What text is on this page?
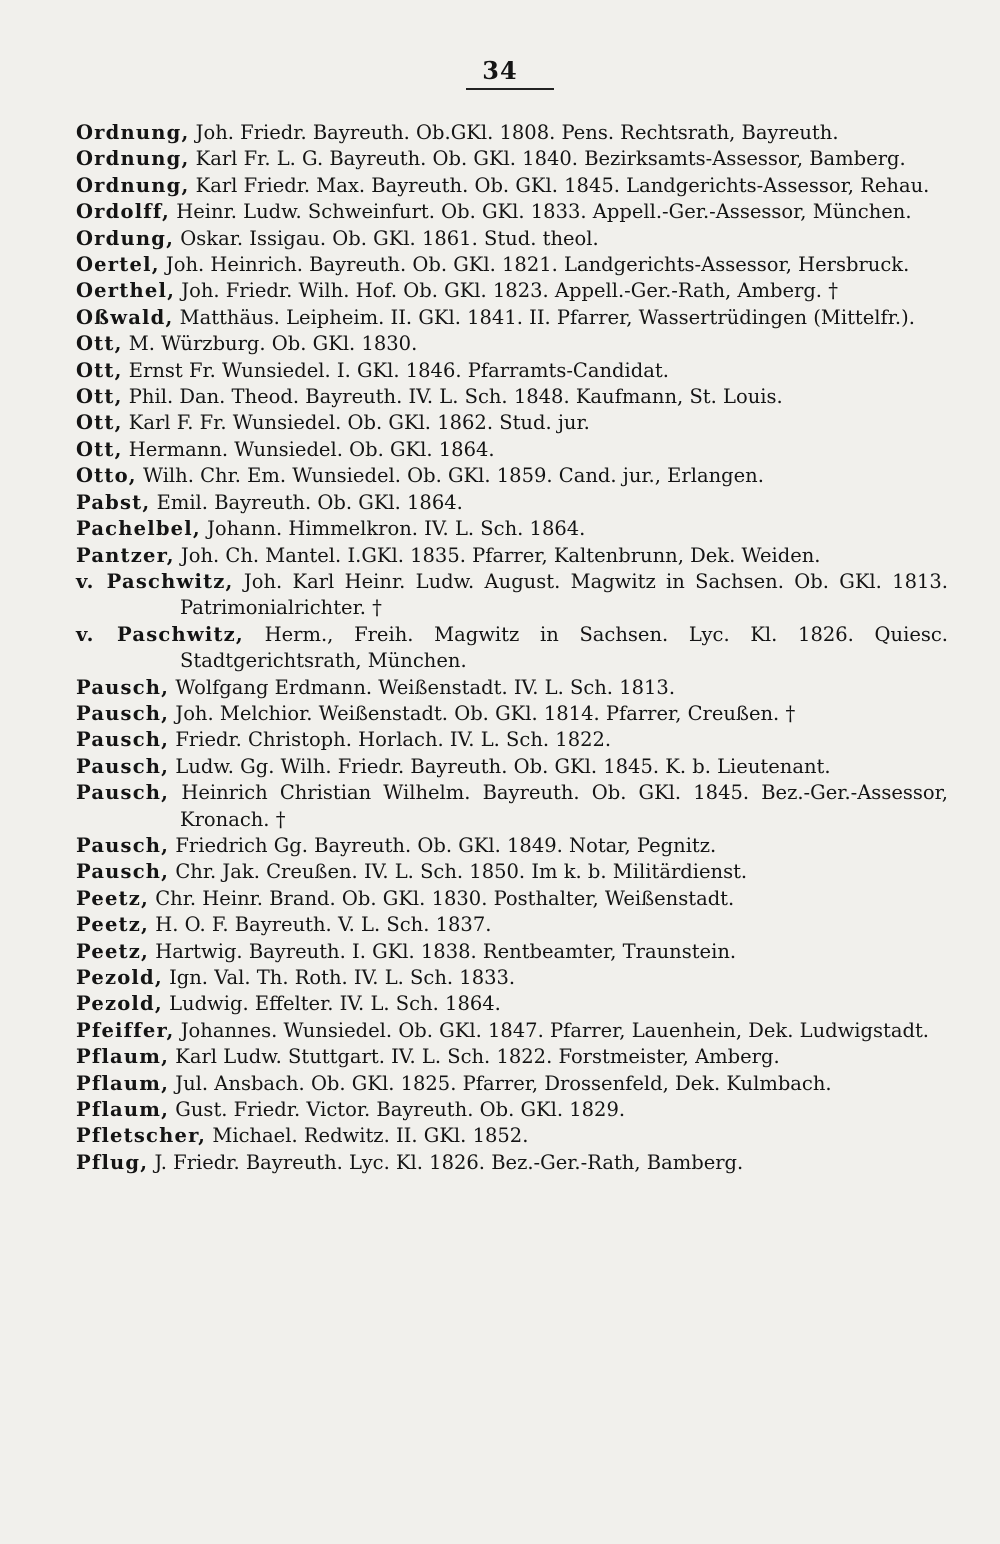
34
Ordnung, Joh. Friedr. Bayreuth. Ob.GKl. 1808. Pens. Rechtsrath, Bayreuth.
Ordnung, Karl Fr. L. G. Bayreuth. Ob. GKl. 1840. Bezirksamts-Assessor, Bamberg.
Ordnung, Karl Friedr. Max. Bayreuth. Ob. GKl. 1845. Landgerichts-Assessor, Rehau.
Ordolff, Heinr. Ludw. Schweinfurt. Ob. GKl. 1833. Appell.-Ger.-Assessor, München.
Ordung, Oskar. Issigau. Ob. GKl. 1861. Stud. theol.
Oertel, Joh. Heinrich. Bayreuth. Ob. GKl. 1821. Landgerichts-Assessor, Hersbruck.
Oerthel, Joh. Friedr. Wilh. Hof. Ob. GKl. 1823. Appell.-Ger.-Rath, Amberg. †
Oßwald, Matthäus. Leipheim. II. GKl. 1841. II. Pfarrer, Wassertrüdingen (Mittelfr.).
Ott, M. Würzburg. Ob. GKl. 1830.
Ott, Ernst Fr. Wunsiedel. I. GKl. 1846. Pfarramts-Candidat.
Ott, Phil. Dan. Theod. Bayreuth. IV. L. Sch. 1848. Kaufmann, St. Louis.
Ott, Karl F. Fr. Wunsiedel. Ob. GKl. 1862. Stud. jur.
Ott, Hermann. Wunsiedel. Ob. GKl. 1864.
Otto, Wilh. Chr. Em. Wunsiedel. Ob. GKl. 1859. Cand. jur., Erlangen.
Pabst, Emil. Bayreuth. Ob. GKl. 1864.
Pachelbel, Johann. Himmelkron. IV. L. Sch. 1864.
Pantzer, Joh. Ch. Mantel. I.GKl. 1835. Pfarrer, Kaltenbrunn, Dek. Weiden.
v. Paschwitz, Joh. Karl Heinr. Ludw. August. Magwitz in Sachsen. Ob. GKl. 1813. Patrimonialrichter. †
v. Paschwitz, Herm., Freih. Magwitz in Sachsen. Lyc. Kl. 1826. Quiesc. Stadtgerichtsrath, München.
Pausch, Wolfgang Erdmann. Weißenstadt. IV. L. Sch. 1813.
Pausch, Joh. Melchior. Weißenstadt. Ob. GKl. 1814. Pfarrer, Creußen. †
Pausch, Friedr. Christoph. Horlach. IV. L. Sch. 1822.
Pausch, Ludw. Gg. Wilh. Friedr. Bayreuth. Ob. GKl. 1845. K. b. Lieutenant.
Pausch, Heinrich Christian Wilhelm. Bayreuth. Ob. GKl. 1845. Bez.-Ger.-Assessor, Kronach. †
Pausch, Friedrich Gg. Bayreuth. Ob. GKl. 1849. Notar, Pegnitz.
Pausch, Chr. Jak. Creußen. IV. L. Sch. 1850. Im k. b. Militärdienst.
Peetz, Chr. Heinr. Brand. Ob. GKl. 1830. Posthalter, Weißenstadt.
Peetz, H. O. F. Bayreuth. V. L. Sch. 1837.
Peetz, Hartwig. Bayreuth. I. GKl. 1838. Rentbeamter, Traunstein.
Pezold, Ign. Val. Th. Roth. IV. L. Sch. 1833.
Pezold, Ludwig. Effelter. IV. L. Sch. 1864.
Pfeiffer, Johannes. Wunsiedel. Ob. GKl. 1847. Pfarrer, Lauenhein, Dek. Ludwigstadt.
Pflaum, Karl Ludw. Stuttgart. IV. L. Sch. 1822. Forstmeister, Amberg.
Pflaum, Jul. Ansbach. Ob. GKl. 1825. Pfarrer, Drossenfeld, Dek. Kulmbach.
Pflaum, Gust. Friedr. Victor. Bayreuth. Ob. GKl. 1829.
Pfletscher, Michael. Redwitz. II. GKl. 1852.
Pflug, J. Friedr. Bayreuth. Lyc. Kl. 1826. Bez.-Ger.-Rath, Bamberg.
